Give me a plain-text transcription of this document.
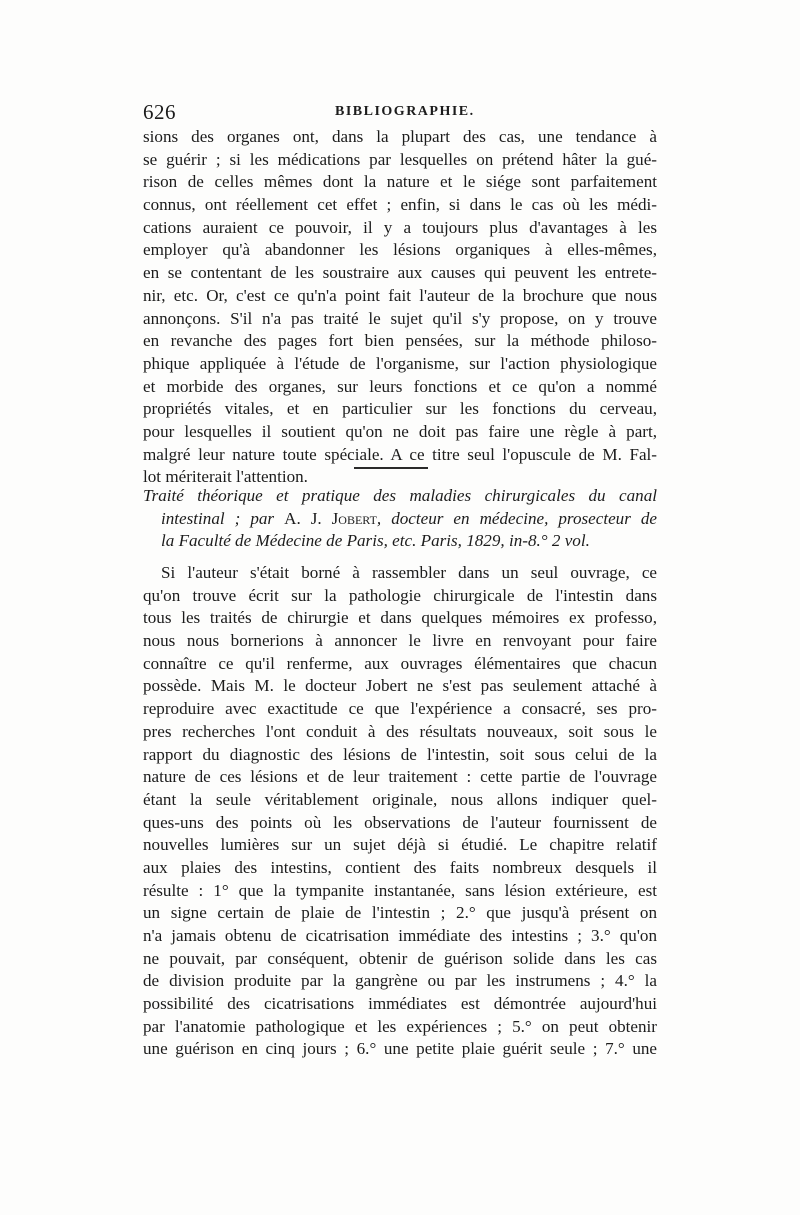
626	BIBLIOGRAPHIE.
sions des organes ont, dans la plupart des cas, une tendance à
se guérir ; si les médications par lesquelles on prétend hâter la gué-
rison de celles mêmes dont la nature et le siége sont parfaitement
connus, ont réellement cet effet ; enfin, si dans le cas où les médi-
cations auraient ce pouvoir, il y a toujours plus d'avantages à les
employer qu'à abandonner les lésions organiques à elles-mêmes,
en se contentant de les soustraire aux causes qui peuvent les entrete-
nir, etc. Or, c'est ce qu'n'a point fait l'auteur de la brochure que nous
annonçons. S'il n'a pas traité le sujet qu'il s'y propose, on y trouve
en revanche des pages fort bien pensées, sur la méthode philoso-
phique appliquée à l'étude de l'organisme, sur l'action physiologique
et morbide des organes, sur leurs fonctions et ce qu'on a nommé
propriétés vitales, et en particulier sur les fonctions du cerveau,
pour lesquelles il soutient qu'on ne doit pas faire une règle à part,
malgré leur nature toute spéciale. A ce titre seul l'opuscule de M. Fal-
lot mériterait l'attention.
Traité théorique et pratique des maladies chirurgicales du canal
intestinal ; par A. J. Jobert, docteur en médecine, prosecteur de
la Faculté de Médecine de Paris, etc. Paris, 1829, in-8.° 2 vol.
Si l'auteur s'était borné à rassembler dans un seul ouvrage, ce
qu'on trouve écrit sur la pathologie chirurgicale de l'intestin dans
tous les traités de chirurgie et dans quelques mémoires ex professo,
nous nous bornerions à annoncer le livre en renvoyant pour faire
connaître ce qu'il renferme, aux ouvrages élémentaires que chacun
possède. Mais M. le docteur Jobert ne s'est pas seulement attaché à
reproduire avec exactitude ce que l'expérience a consacré, ses pro-
pres recherches l'ont conduit à des résultats nouveaux, soit sous le
rapport du diagnostic des lésions de l'intestin, soit sous celui de la
nature de ces lésions et de leur traitement : cette partie de l'ouvrage
étant la seule véritablement originale, nous allons indiquer quel-
ques-uns des points où les observations de l'auteur fournissent de
nouvelles lumières sur un sujet déjà si étudié. Le chapitre relatif
aux plaies des intestins, contient des faits nombreux desquels il
résulte : 1° que la tympanite instantanée, sans lésion extérieure, est
un signe certain de plaie de l'intestin ; 2.° que jusqu'à présent on
n'a jamais obtenu de cicatrisation immédiate des intestins ; 3.° qu'on
ne pouvait, par conséquent, obtenir de guérison solide dans les cas
de division produite par la gangrène ou par les instrumens ; 4.° la
possibilité des cicatrisations immédiates est démontrée aujourd'hui
par l'anatomie pathologique et les expériences ; 5.° on peut obtenir
une guérison en cinq jours ; 6.° une petite plaie guérit seule ; 7.° une
